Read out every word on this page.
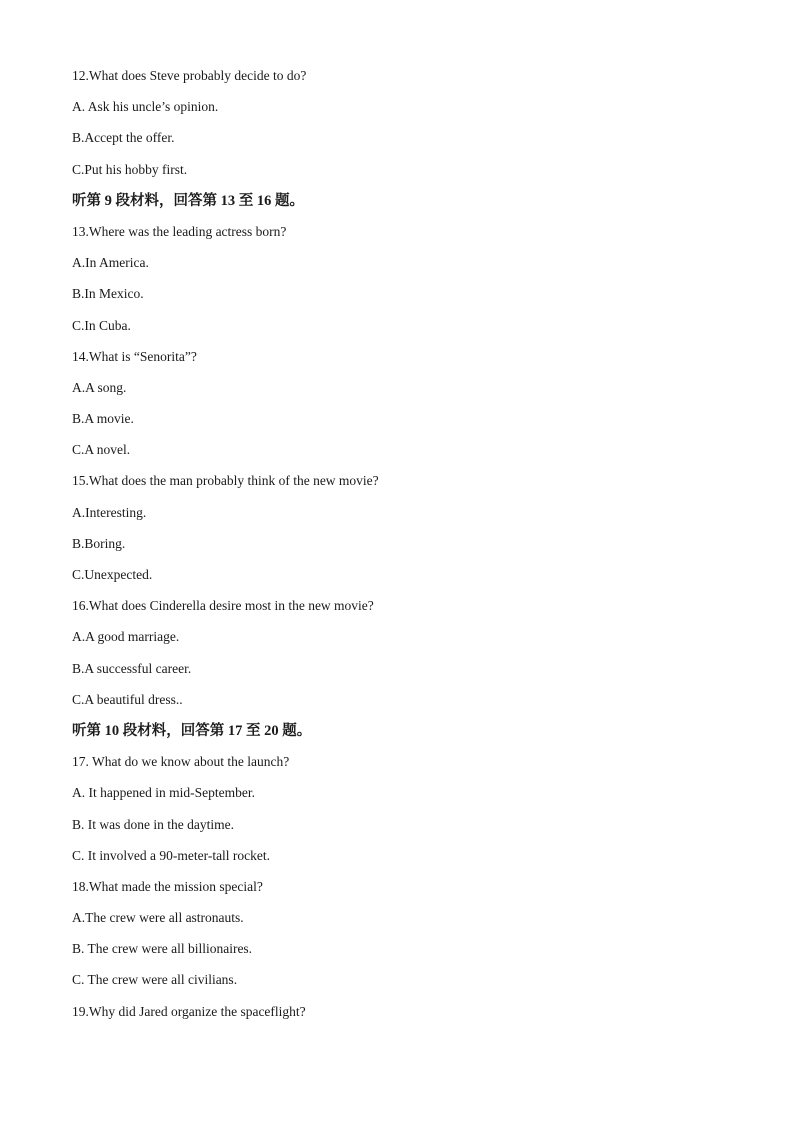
12.What does Steve probably decide to do?
A. Ask his uncle’s opinion.
B.Accept the offer.
C.Put his hobby first.
听第 9 段材料，回答第 13 至 16 题。
13.Where was the leading actress born?
A.In America.
B.In Mexico.
C.In Cuba.
14.What is “Senorita”?
A.A song.
B.A movie.
C.A novel.
15.What does the man probably think of the new movie?
A.Interesting.
B.Boring.
C.Unexpected.
16.What does Cinderella desire most in the new movie?
A.A good marriage.
B.A successful career.
C.A beautiful dress..
听第 10 段材料，回答第 17 至 20 题。
17. What do we know about the launch?
A. It happened in mid-September.
B. It was done in the daytime.
C. It involved a 90-meter-tall rocket.
18.What made the mission special?
A.The crew were all astronauts.
B. The crew were all billionaires.
C. The crew were all civilians.
19.Why did Jared organize the spaceflight?
